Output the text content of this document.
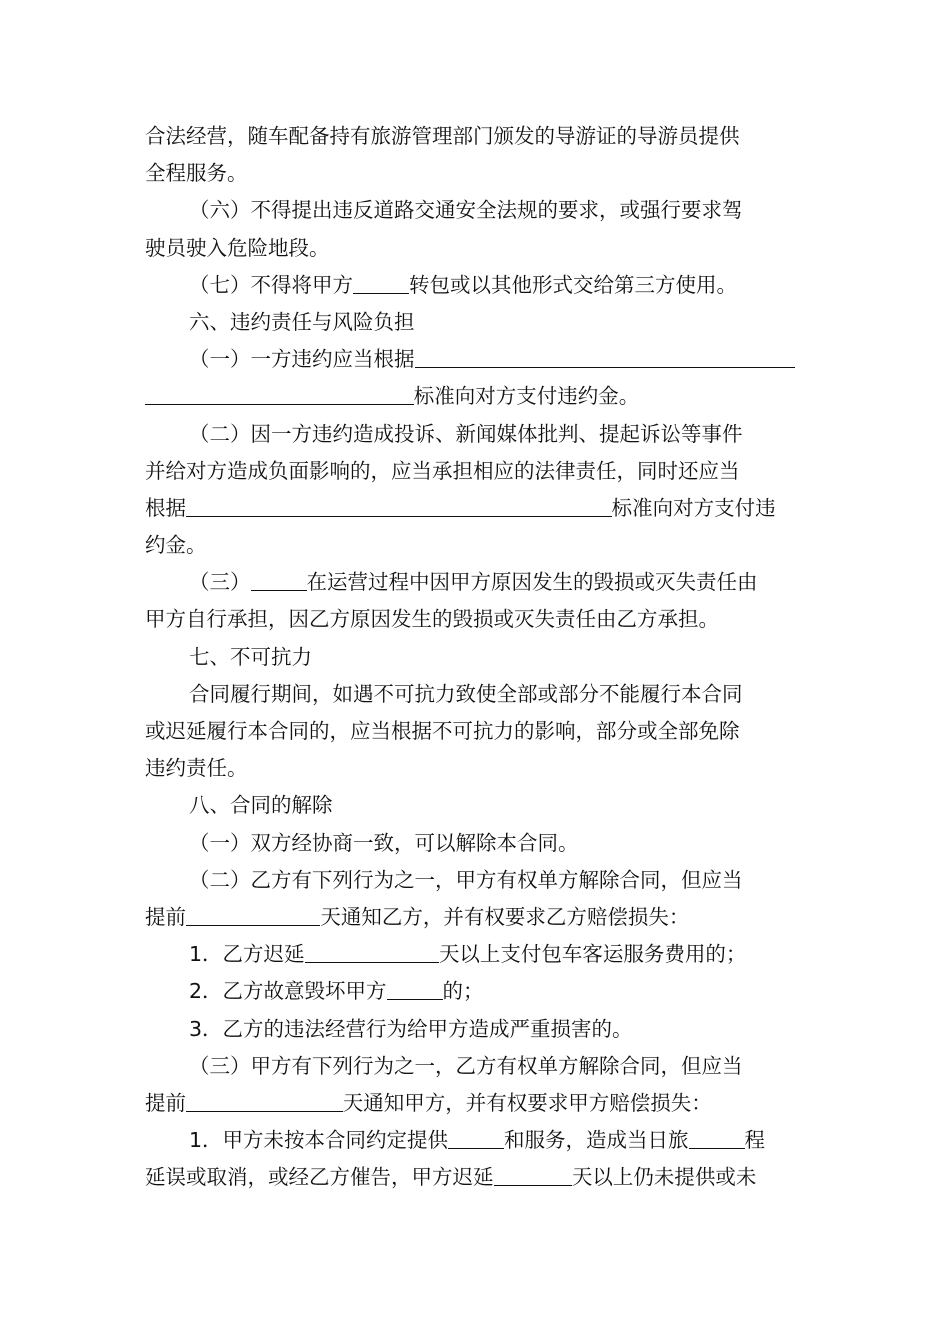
合法经营，随车配备持有旅游管理部门颁发的导游证的导游员提供
全程服务。
（六）不得提出违反道路交通安全法规的要求，或强行要求驾
驶员驶入危险地段。
（七）不得将甲方	转包或以其他形式交给第三方使用。
六、违约责任与风险负担
（一）一方违约应当根据
标准向对方支付违约金。
（二）因一方违约造成投诉、新闻媒体批判、提起诉讼等事件
并给对方造成负面影响的，应当承担相应的法律责任，同时还应当
根据	标准向对方支付违
约金。
（三）	在运营过程中因甲方原因发生的毁损或灭失责任由
甲方自行承担，因乙方原因发生的毁损或灭失责任由乙方承担。
七、不可抗力
合同履行期间，如遇不可抗力致使全部或部分不能履行本合同
或迟延履行本合同的，应当根据不可抗力的影响，部分或全部免除
违约责任。
八、合同的解除
（一）双方经协商一致，可以解除本合同。
（二）乙方有下列行为之一，甲方有权单方解除合同，但应当
提前	天通知乙方，并有权要求乙方赔偿损失：
1．乙方迟延	天以上支付包车客运服务费用的；
2．乙方故意毁坏甲方	的；
3．乙方的违法经营行为给甲方造成严重损害的。
（三）甲方有下列行为之一，乙方有权单方解除合同，但应当
提前	天通知甲方，并有权要求甲方赔偿损失：
1．甲方未按本合同约定提供	和服务，造成当日旅	程
延误或取消，或经乙方催告，甲方迟延	天以上仍未提供或未
